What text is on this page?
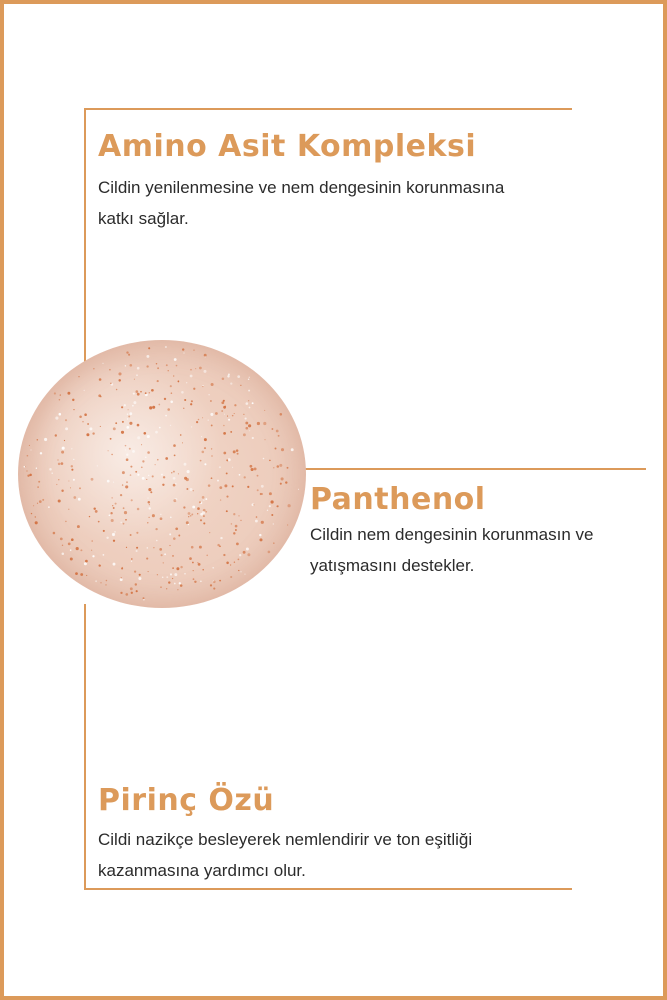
Amino Asit Kompleksi
Cildin yenilenmesine ve nem dengesinin korunmasına
katkı sağlar.
Panthenol
Cildin nem dengesinin korunmasın ve
yatışmasını destekler.
Pirinç Özü
Cildi nazikçe besleyerek nemlendirir ve ton eşitliği
kazanmasına yardımcı olur.
